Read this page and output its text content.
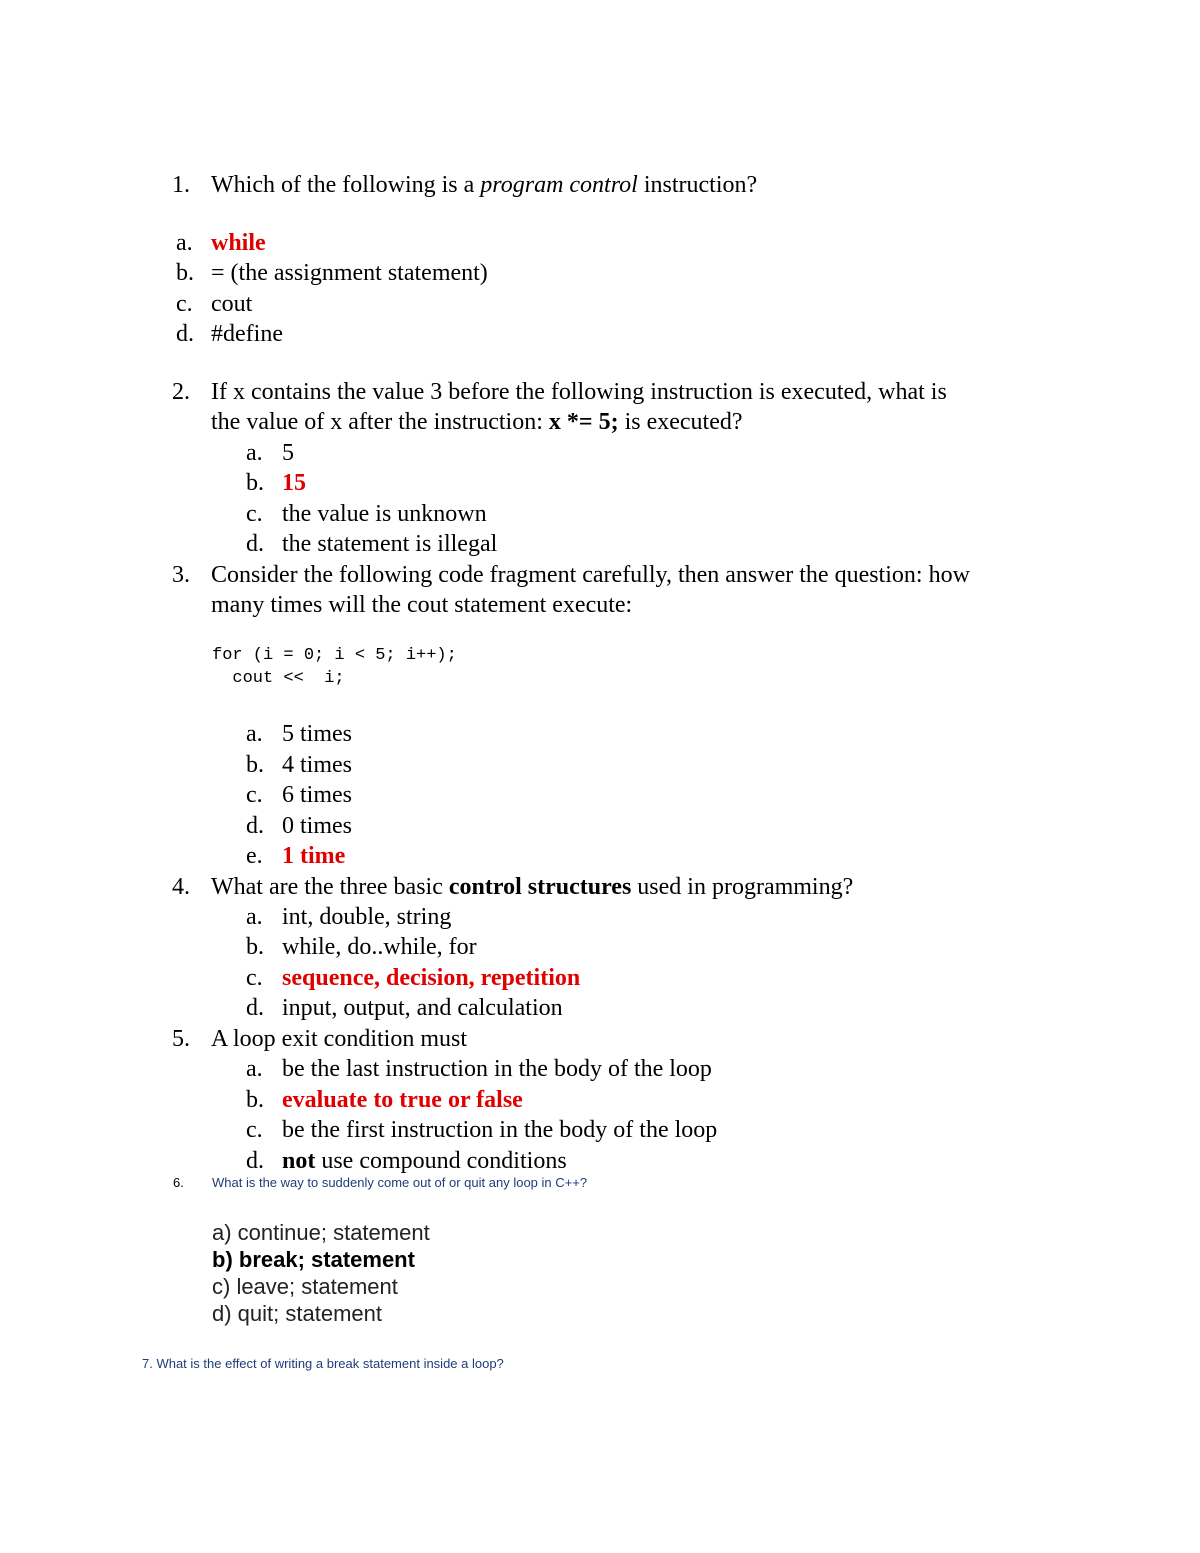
1. Which of the following is a program control instruction?
a. while
b. = (the assignment statement)
c. cout
d. #define
2. If x contains the value 3 before the following instruction is executed, what is
the value of x after the instruction: x *= 5; is executed?
a. 5
b. 15
c. the value is unknown
d. the statement is illegal
3. Consider the following code fragment carefully, then answer the question: how
many times will the cout statement execute:
for (i = 0; i < 5; i++);
cout <<  i;
a. 5 times
b. 4 times
c. 6 times
d. 0 times
e. 1 time
4. What are the three basic control structures used in programming?
a. int, double, string
b. while, do..while, for
c. sequence, decision, repetition
d. input, output, and calculation
5. A loop exit condition must
a. be the last instruction in the body of the loop
b. evaluate to true or false
c. be the first instruction in the body of the loop
d. not use compound conditions
6. What is the way to suddenly come out of or quit any loop in C++?
a) continue; statement
b) break; statement
c) leave; statement
d) quit; statement
7. What is the effect of writing a break statement inside a loop?
